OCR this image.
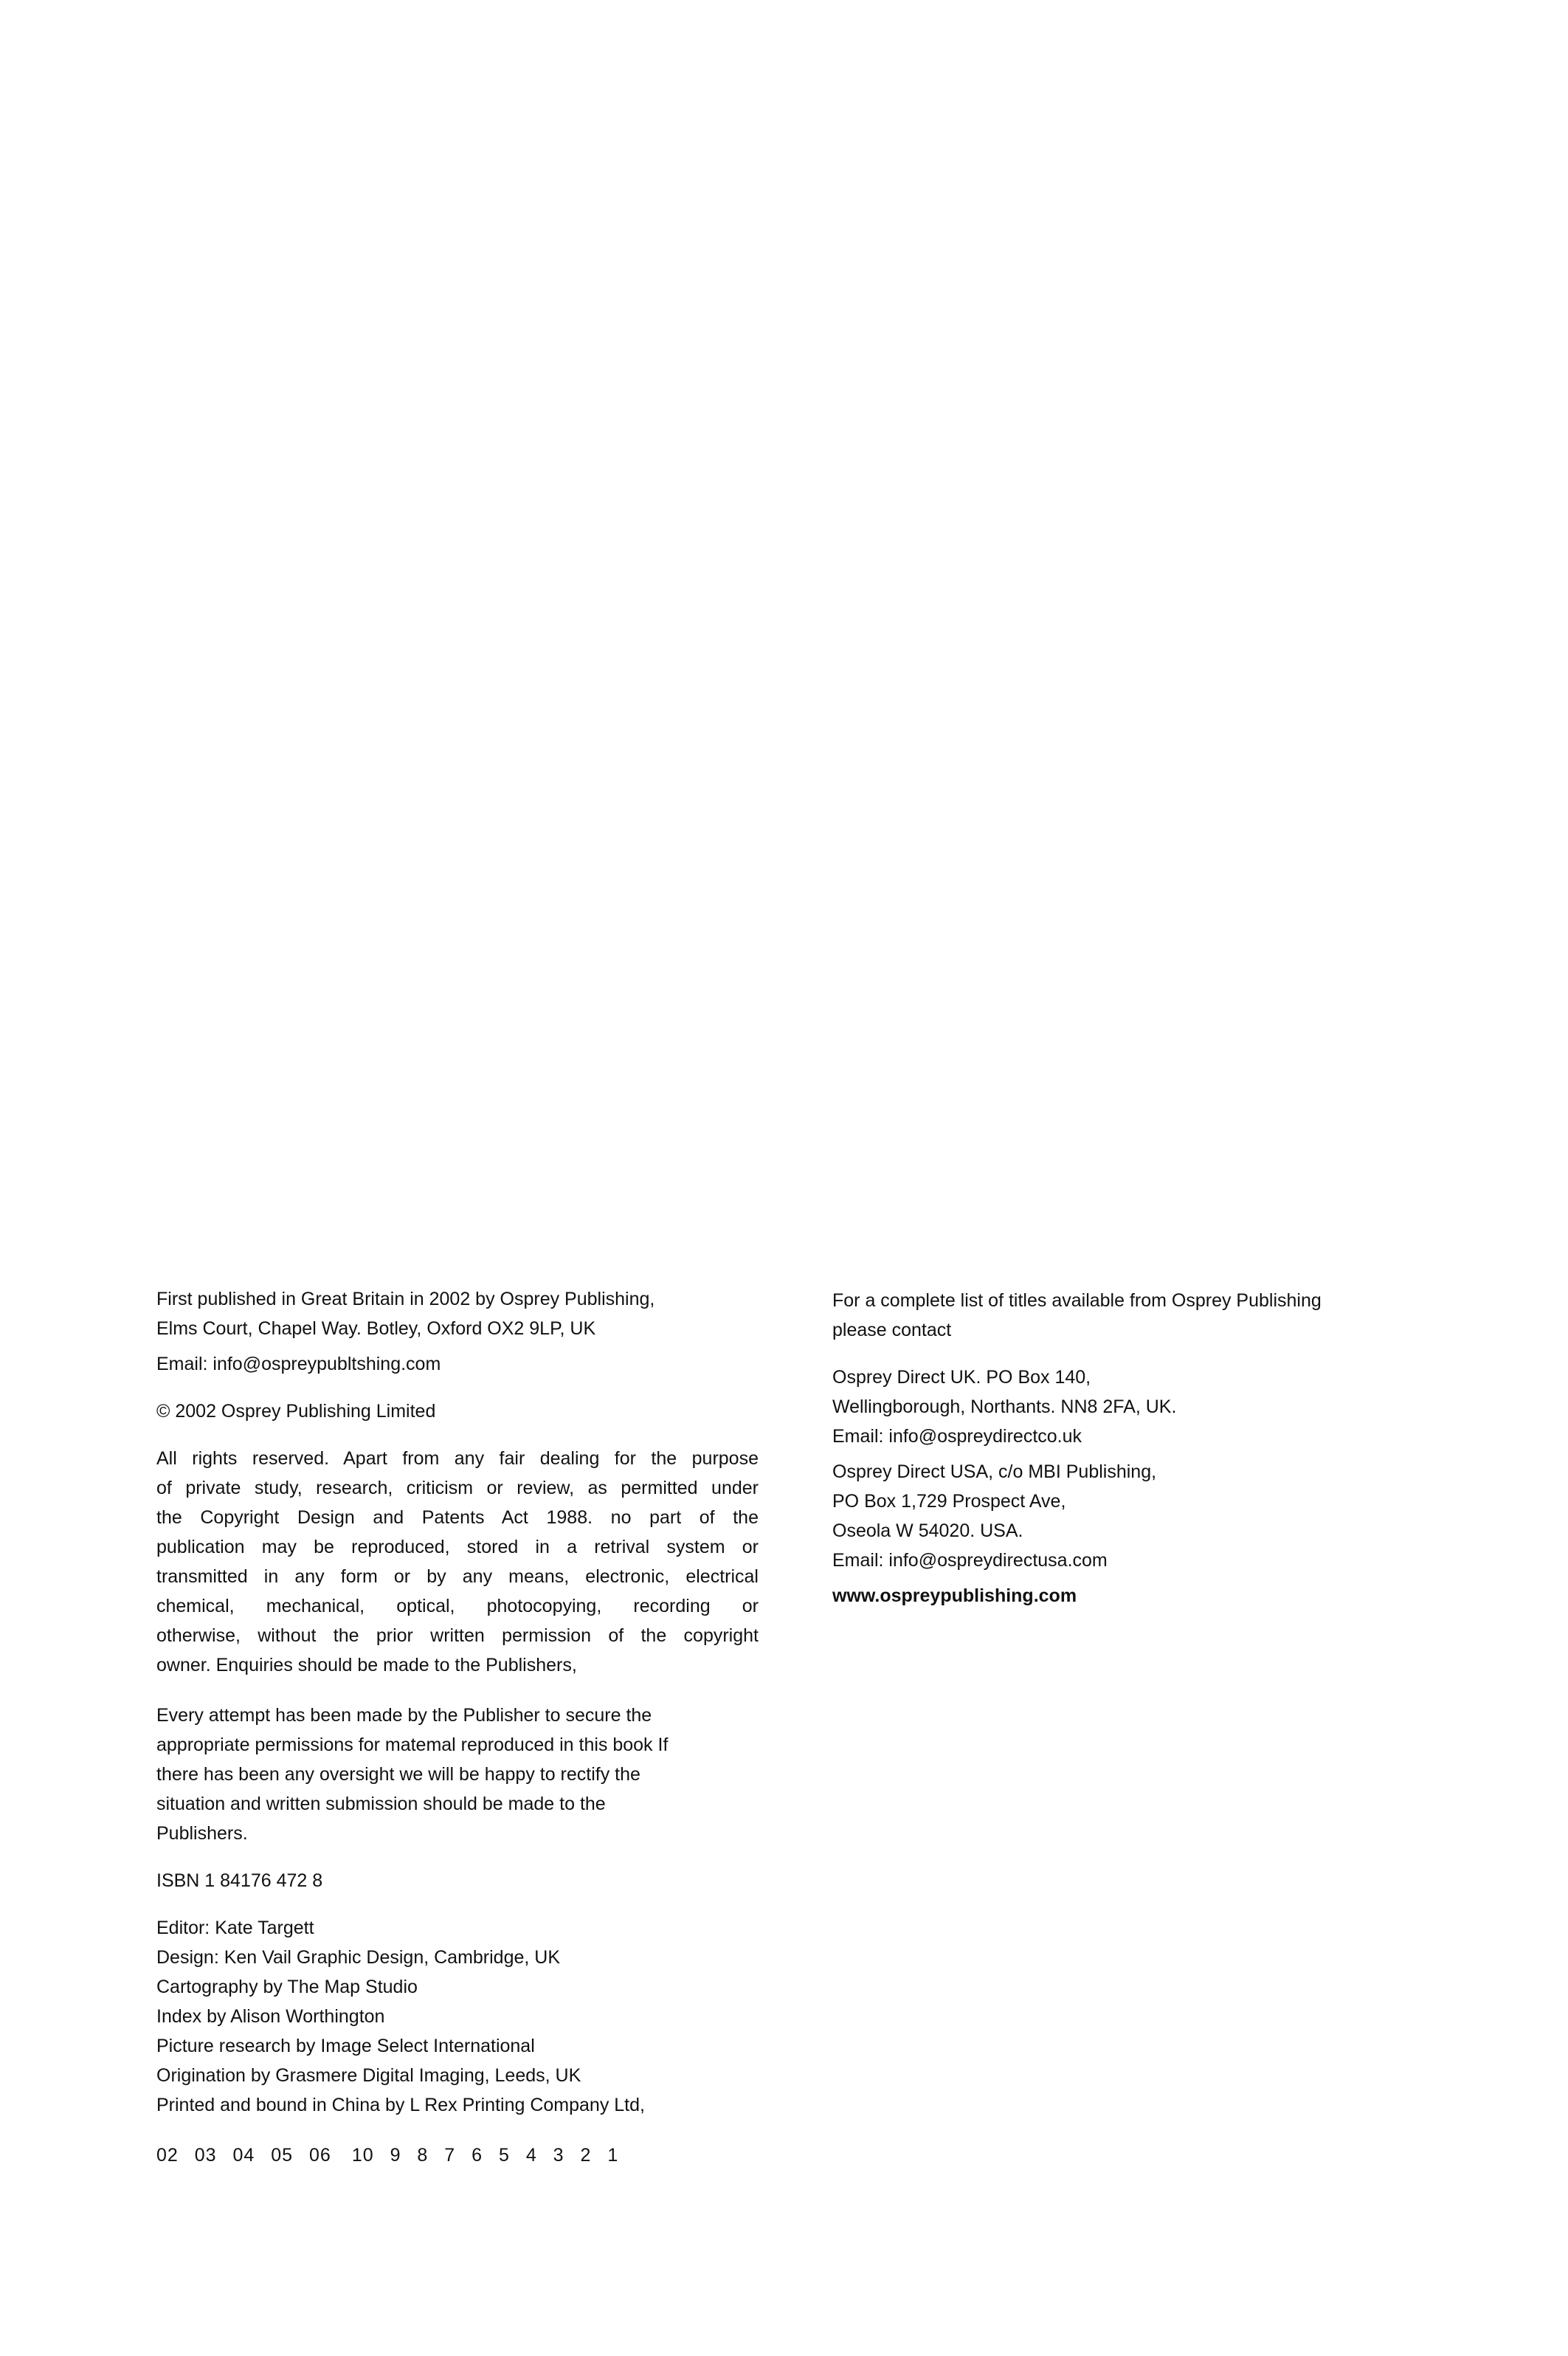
First published in Great Britain in 2002 by Osprey Publishing,
Elms Court, Chapel Way. Botley, Oxford OX2 9LP, UK
Email: info@ospreypubltshing.com
© 2002 Osprey Publishing Limited
All rights reserved. Apart from any fair dealing for the purpose
of private study, research, criticism or review, as permitted under
the Copyright Design and Patents Act 1988. no part of the
publication may be reproduced, stored in a retrival system or
transmitted in any form or by any means, electronic, electrical
chemical, mechanical, optical, photocopying, recording or
otherwise, without the prior written permission of the copyright
owner. Enquiries should be made to the Publishers,
Every attempt has been made by the Publisher to secure the
appropriate permissions for matemal reproduced in this book If
there has been any oversight we will be happy to rectify the
situation and written submission should be made to the
Publishers.
ISBN 1 84176 472 8
Editor: Kate Targett
Design: Ken Vail Graphic Design, Cambridge, UK
Cartography by The Map Studio
Index by Alison Worthington
Picture research by Image Select International
Origination by Grasmere Digital Imaging, Leeds, UK
Printed and bound in China by L Rex Printing Company Ltd,
02 03 04 05 06 10 9 8 7 6 5 4 3 2 1
For a complete list of titles available from Osprey Publishing
please contact
Osprey Direct UK. PO Box 140,
Wellingborough, Northants. NN8 2FA, UK.
Email: info@ospreydirectco.uk
Osprey Direct USA, c/o MBI Publishing,
PO Box 1,729 Prospect Ave,
Oseola W 54020. USA.
Email: info@ospreydirectusa.com
www.ospreypublishing.com
